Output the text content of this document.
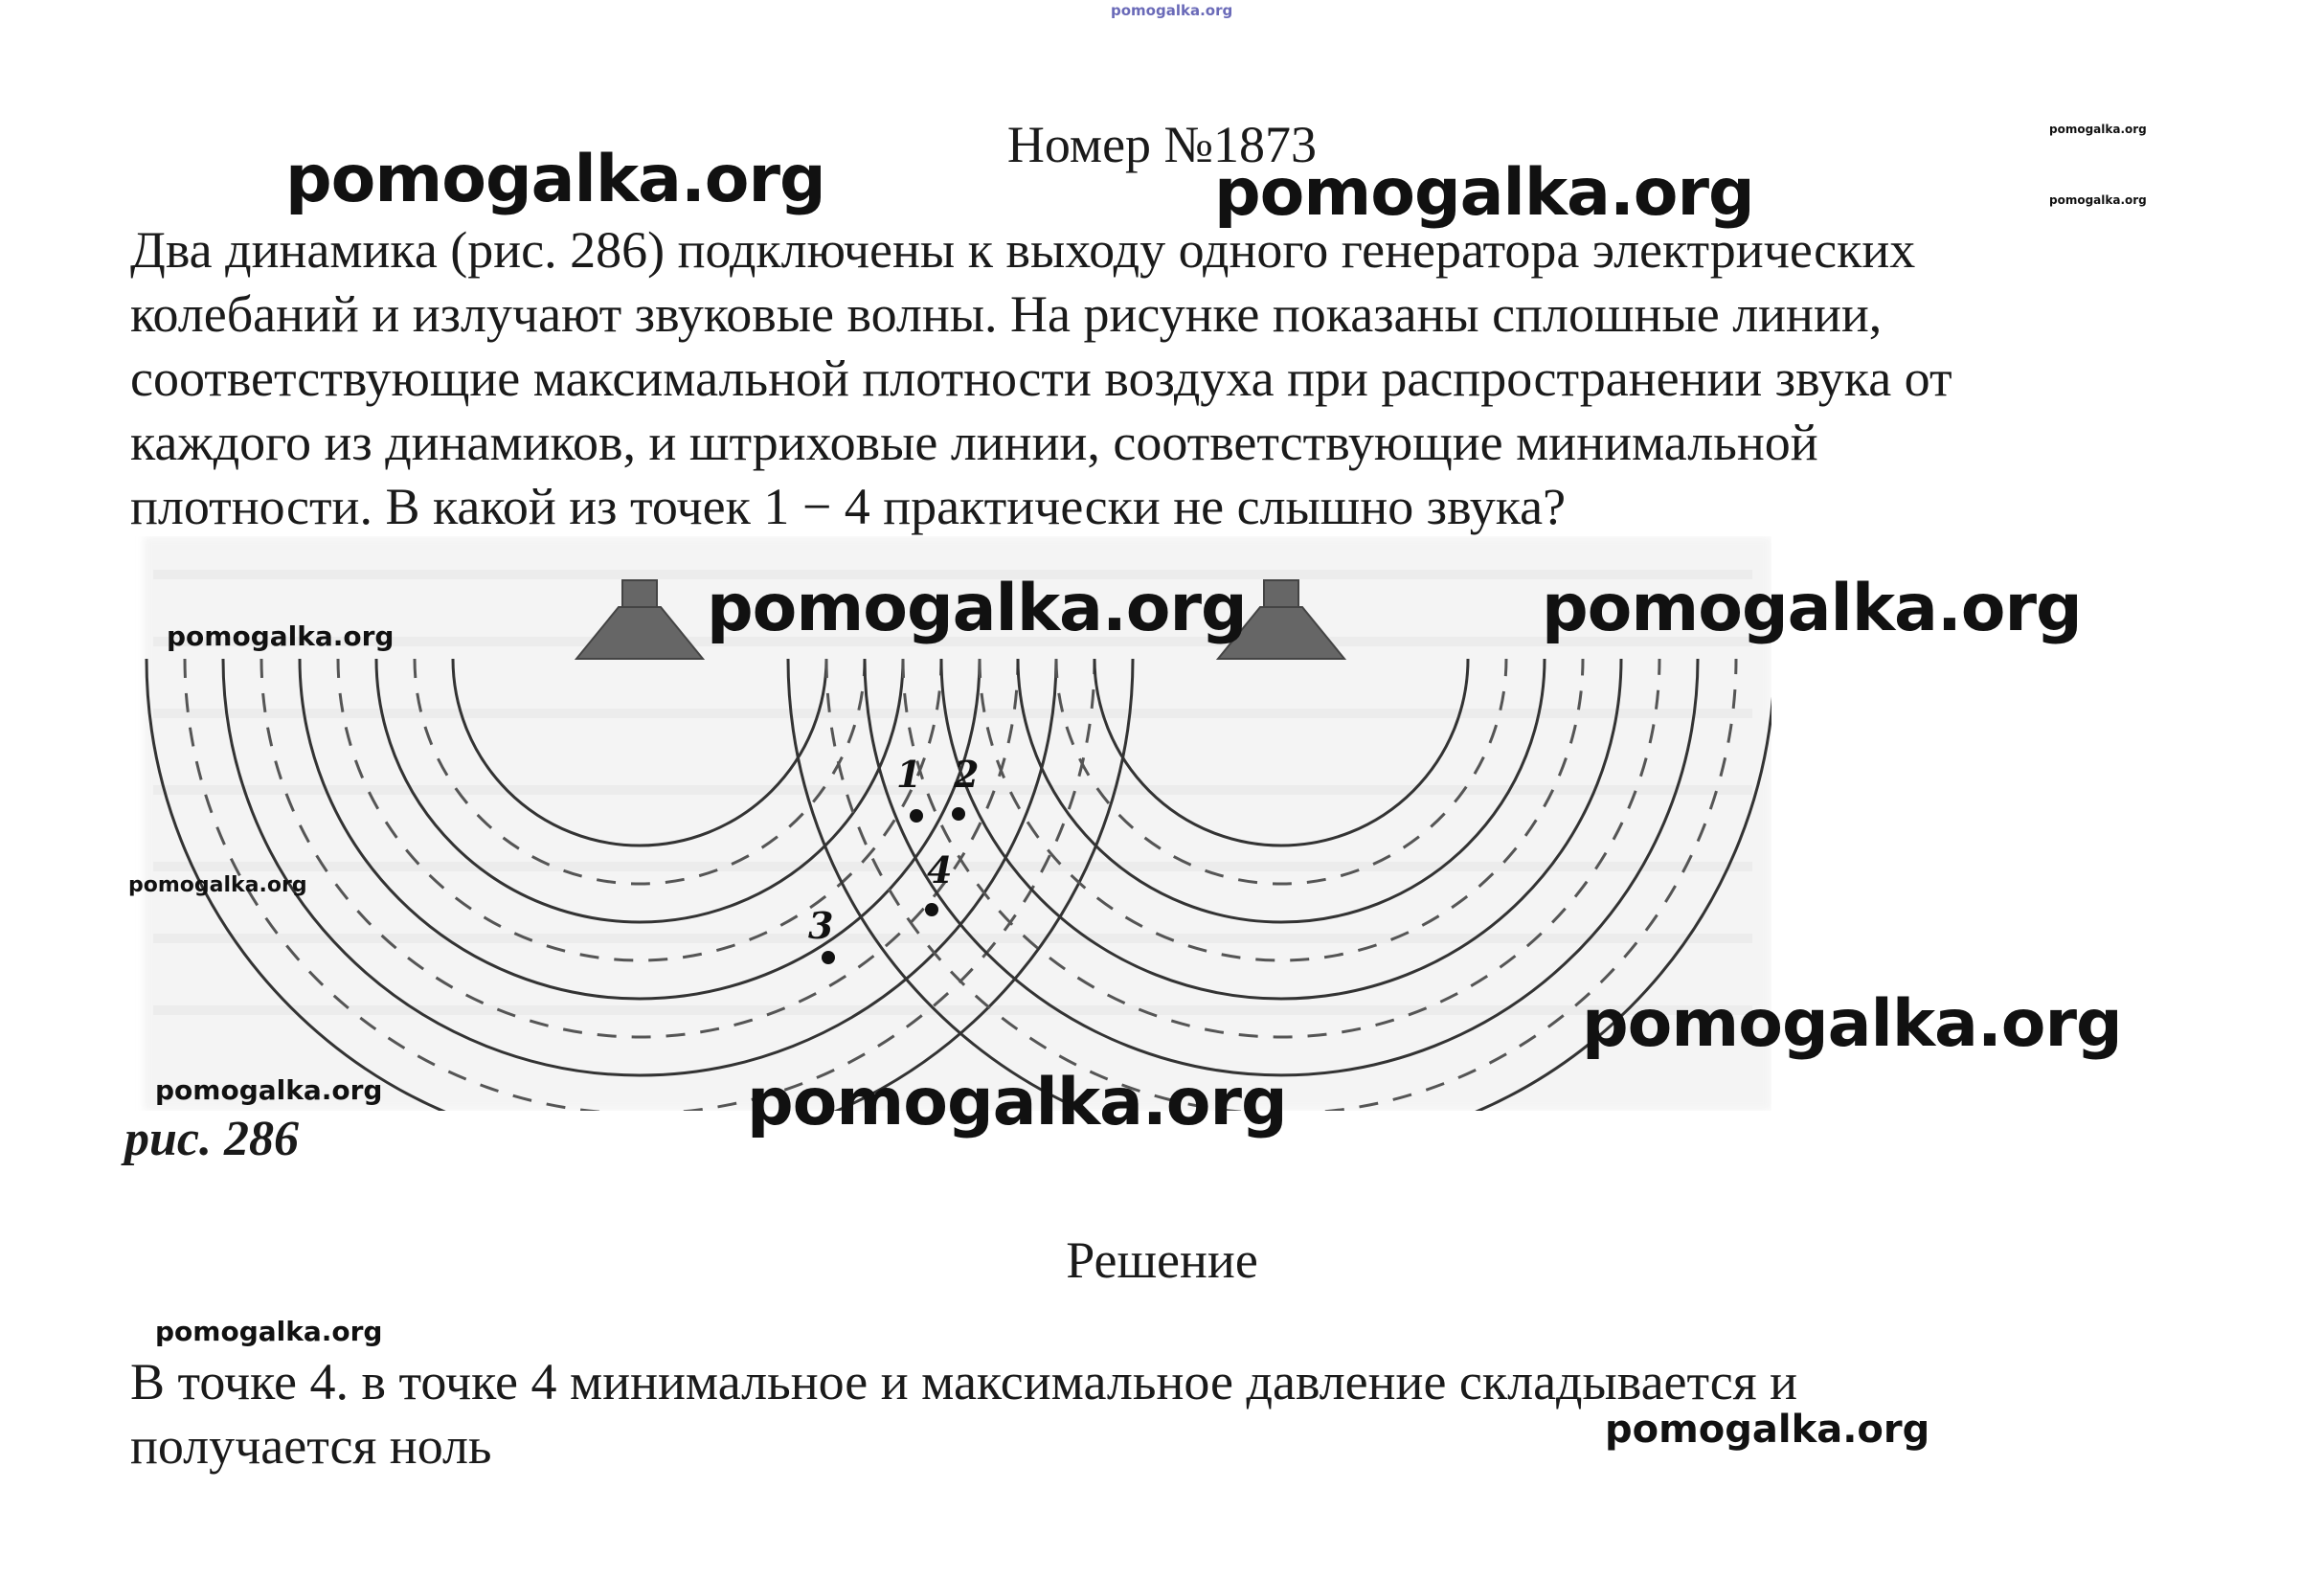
pomogalka.org
Номер №1873
Два динамика (рис. 286) подключены к выходу одного генератора электрических
колебаний и излучают звуковые волны. На рисунке показаны сплошные линии,
соответствующие максимальной плотности воздуха при распространении звука от
каждого из динамиков, и штриховые линии, соответствующие минимальной
плотности. В какой из точек 1 − 4 практически не слышно звука?
1 2
3
4
рис. 286
Решение
В точке 4. в точке 4 минимальное и максимальное давление складывается и
получается ноль
pomogalka.org	pomogalka.org
pomogalka.org
pomogalka.org
pomogalka.org	pomogalka.org
pomogalka.org
pomogalka.org
pomogalka.org
pomogalka.org	pomogalka.org
pomogalka.org
pomogalka.org
